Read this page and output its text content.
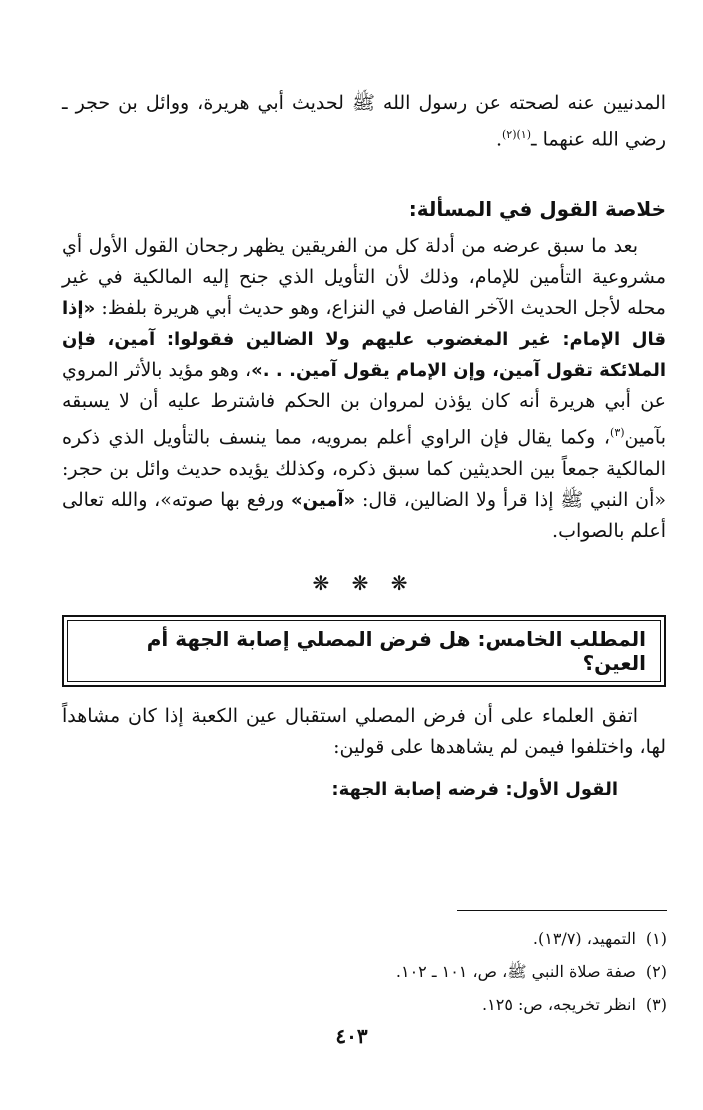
المدنيين عنه لصحته عن رسول الله ﷺ لحديث أبي هريرة، ووائل بن حجر ـ رضي الله عنهما ـ$^{(١)(٢)}$.

خلاصة القول في المسألة:

بعد ما سبق عرضه من أدلة كل من الفريقين يظهر رجحان القول الأول أي مشروعية التأمين للإمام، وذلك لأن التأويل الذي جنح إليه المالكية في غير محله لأجل الحديث الآخر الفاصل في النزاع، وهو حديث أبي هريرة بلفظ: «إذا قال الإمام: غير المغضوب عليهم ولا الضالين فقولوا: آمين، فإن الملائكة تقول آمين، وإن الإمام يقول آمين. . .»، وهو مؤيد بالأثر المروي عن أبي هريرة أنه كان يؤذن لمروان بن الحكم فاشترط عليه أن لا يسبقه بآمين$^{(٣)}$، وكما يقال فإن الراوي أعلم بمرويه، مما ينسف بالتأويل الذي ذكره المالكية جمعاً بين الحديثين كما سبق ذكره، وكذلك يؤيده حديث وائل بن حجر: «أن النبي ﷺ إذا قرأ ولا الضالين، قال: «آمين» ورفع بها صوته»، والله تعالى أعلم بالصواب.

❋ ❋ ❋
المطلب الخامس: هل فرض المصلي إصابة الجهة أم العين؟

اتفق العلماء على أن فرض المصلي استقبال عين الكعبة إذا كان مشاهداً لها، واختلفوا فيمن لم يشاهدها على قولين:

القول الأول: فرضه إصابة الجهة:
(١)التمهيد، (١٣/٧).
(٢)صفة صلاة النبي ﷺ، ص، ١٠١ ـ ١٠٢.
(٣)انظر تخريجه، ص: ١٢٥.
٤٠٣
